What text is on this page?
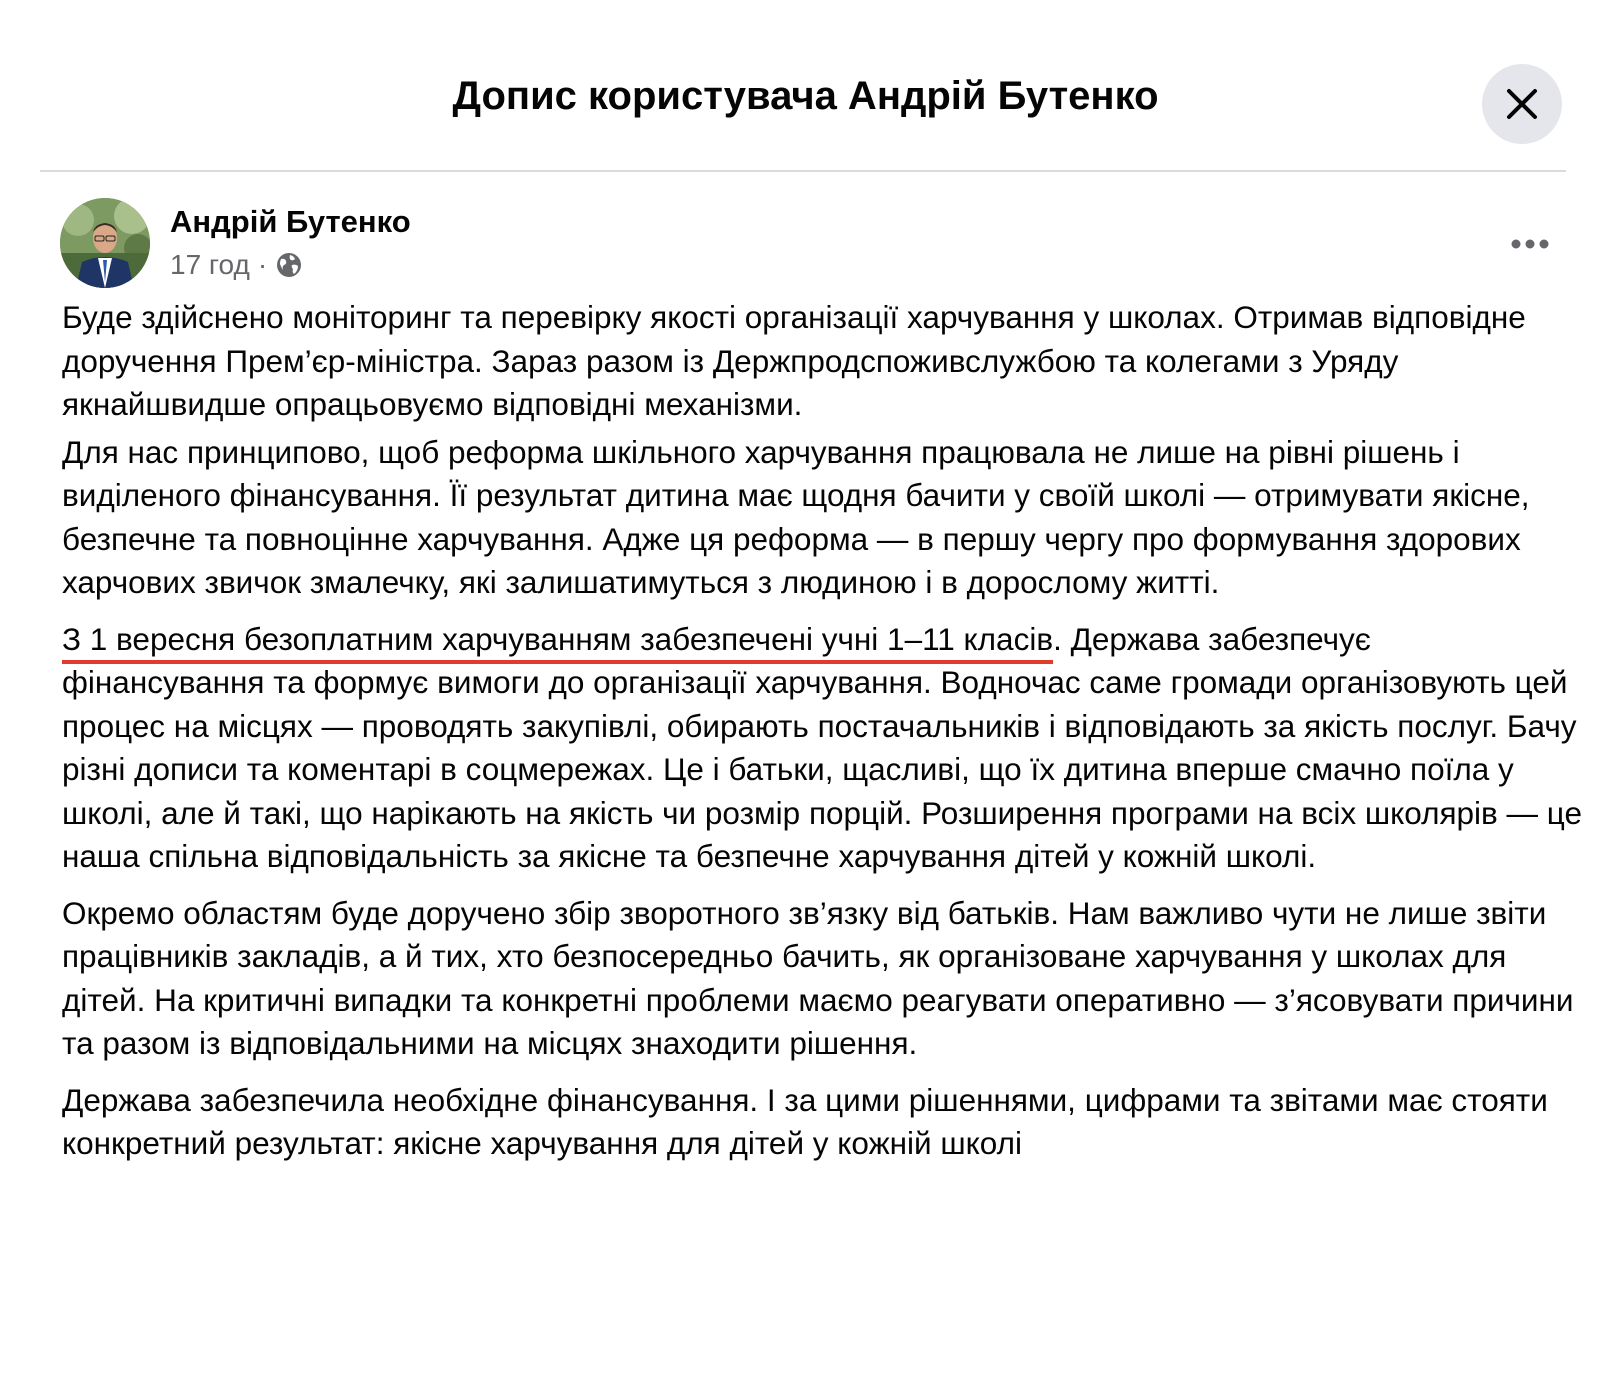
Допис користувача Андрій Бутенко
Андрій Бутенко
17 год ·

Буде здійснено моніторинг та перевірку якості організації харчування у школах. Отримав відповідне доручення Прем’єр-міністра. Зараз разом із Держпродспоживслужбою та колегами з Уряду якнайшвидше опрацьовуємо відповідні механізми.

Для нас принципово, щоб реформа шкільного харчування працювала не лише на рівні рішень і виділеного фінансування. Її результат дитина має щодня бачити у своїй школі — отримувати якісне, безпечне та повноцінне харчування. Адже ця реформа — в першу чергу про формування здорових харчових звичок змалечку, які залишатимуться з людиною і в дорослому житті.

З 1 вересня безоплатним харчуванням забезпечені учні 1–11 класів. Держава забезпечує фінансування та формує вимоги до організації харчування. Водночас саме громади організовують цей процес на місцях — проводять закупівлі, обирають постачальників і відповідають за якість послуг. Бачу різні дописи та коментарі в соцмережах. Це і батьки, щасливі, що їх дитина вперше смачно поїла у школі, але й такі, що нарікають на якість чи розмір порцій. Розширення програми на всіх школярів — це наша спільна відповідальність за якісне та безпечне харчування дітей у кожній школі.

Окремо областям буде доручено збір зворотного зв’язку від батьків. Нам важливо чути не лише звіти працівників закладів, а й тих, хто безпосередньо бачить, як організоване харчування у школах для дітей. На критичні випадки та конкретні проблеми маємо реагувати оперативно — з’ясовувати причини та разом із відповідальними на місцях знаходити рішення.

Держава забезпечила необхідне фінансування. І за цими рішеннями, цифрами та звітами має стояти конкретний результат: якісне харчування для дітей у кожній школі
